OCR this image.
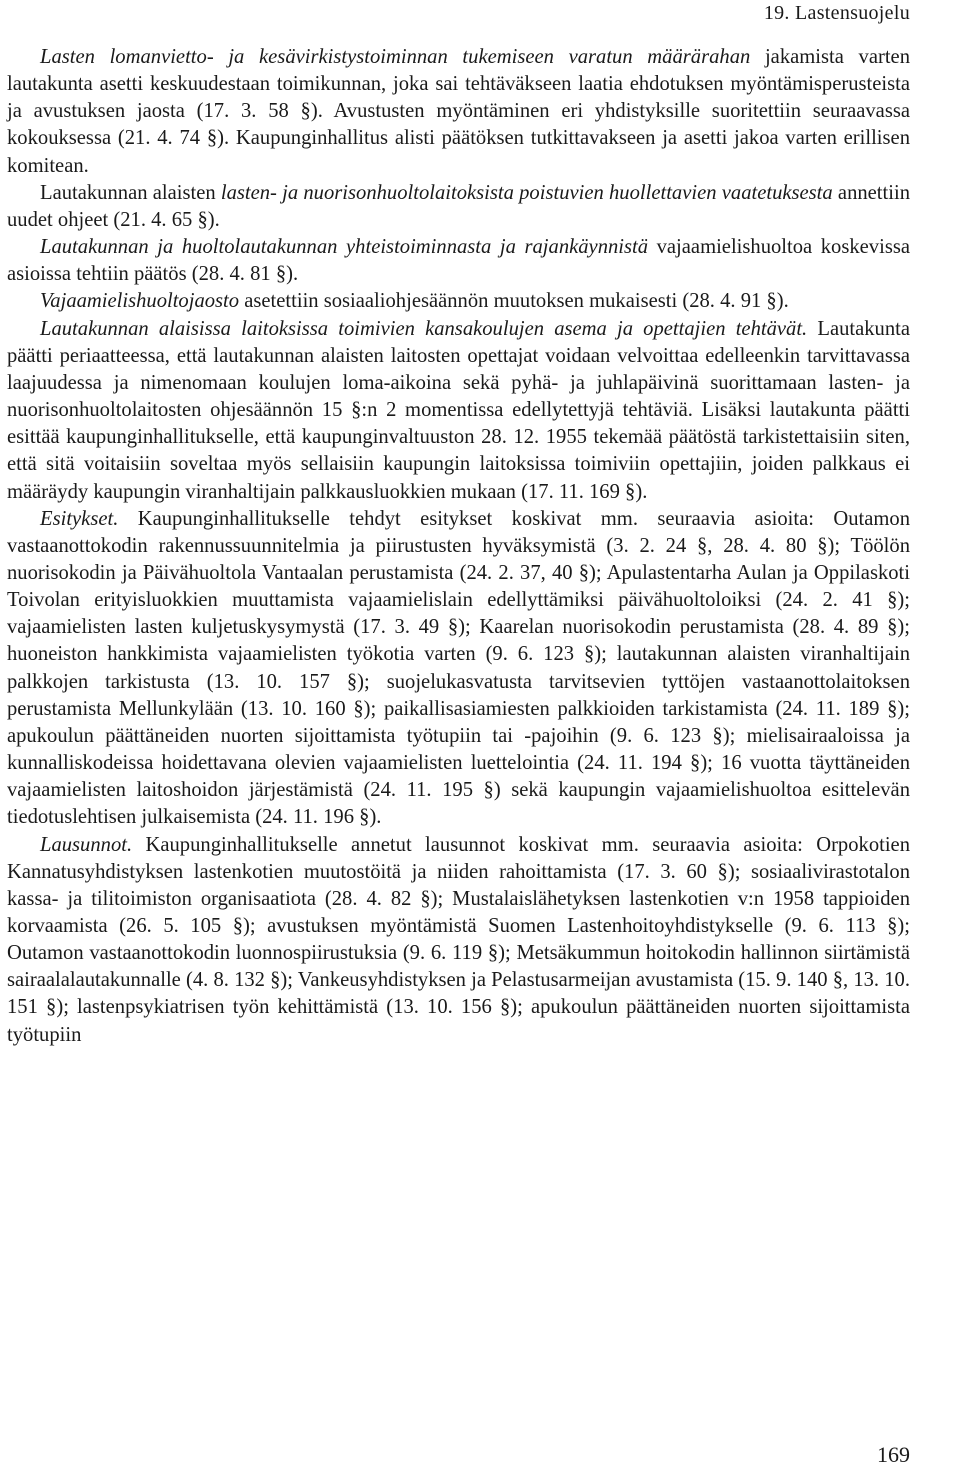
19. Lastensuojelu

Lasten lomanvietto- ja kesävirkistystoiminnan tukemiseen varatun määrärahan jakamista varten lautakunta asetti keskuudestaan toimikunnan, joka sai tehtäväkseen laatia ehdotuksen myöntämisperusteista ja avustuksen jaosta (17. 3. 58 §). Avustusten myöntäminen eri yhdistyksille suoritettiin seuraavassa kokouksessa (21. 4. 74 §). Kaupunginhallitus alisti päätöksen tutkittavakseen ja asetti jakoa varten erillisen komitean.

Lautakunnan alaisten lasten- ja nuorisonhuoltolaitoksista poistuvien huollettavien vaatetuksesta annettiin uudet ohjeet (21. 4. 65 §).

Lautakunnan ja huoltolautakunnan yhteistoiminnasta ja rajankäynnistä vajaamielishuoltoa koskevissa asioissa tehtiin päätös (28. 4. 81 §).

Vajaamielishuoltojaosto asetettiin sosiaaliohjesäännön muutoksen mukaisesti (28. 4. 91 §).

Lautakunnan alaisissa laitoksissa toimivien kansakoulujen asema ja opettajien tehtävät. Lautakunta päätti periaatteessa, että lautakunnan alaisten laitosten opettajat voidaan velvoittaa edelleenkin tarvittavassa laajuudessa ja nimenomaan koulujen loma-aikoina sekä pyhä- ja juhlapäivinä suorittamaan lasten- ja nuorisonhuoltolaitosten ohjesäännön 15 §:n 2 momentissa edellytettyjä tehtäviä. Lisäksi lautakunta päätti esittää kaupunginhallitukselle, että kaupunginvaltuuston 28. 12. 1955 tekemää päätöstä tarkistettaisiin siten, että sitä voitaisiin soveltaa myös sellaisiin kaupungin laitoksissa toimiviin opettajiin, joiden palkkaus ei määräydy kaupungin viranhaltijain palkkausluokkien mukaan (17. 11. 169 §).

Esitykset. Kaupunginhallitukselle tehdyt esitykset koskivat mm. seuraavia asioita: Outamon vastaanottokodin rakennussuunnitelmia ja piirustusten hyväksymistä (3. 2. 24 §, 28. 4. 80 §); Töölön nuorisokodin ja Päivähuoltola Vantaalan perustamista (24. 2. 37, 40 §); Apulastentarha Aulan ja Oppilaskoti Toivolan erityisluokkien muuttamista vajaamielislain edellyttämiksi päivähuoltoloiksi (24. 2. 41 §); vajaamielisten lasten kuljetuskysymystä (17. 3. 49 §); Kaarelan nuorisokodin perustamista (28. 4. 89 §); huoneiston hankkimista vajaamielisten työkotia varten (9. 6. 123 §); lautakunnan alaisten viranhaltijain palkkojen tarkistusta (13. 10. 157 §); suojelukasvatusta tarvitsevien tyttöjen vastaanottolaitoksen perustamista Mellunkylään (13. 10. 160 §); paikallisasiamiesten palkkioiden tarkistamista (24. 11. 189 §); apukoulun päättäneiden nuorten sijoittamista työtupiin tai -pajoihin (9. 6. 123 §); mielisairaaloissa ja kunnalliskodeissa hoidettavana olevien vajaamielisten luettelointia (24. 11. 194 §); 16 vuotta täyttäneiden vajaamielisten laitoshoidon järjestämistä (24. 11. 195 §) sekä kaupungin vajaamielishuoltoa esittelevän tiedotuslehtisen julkaisemista (24. 11. 196 §).

Lausunnot. Kaupunginhallitukselle annetut lausunnot koskivat mm. seuraavia asioita: Orpokotien Kannatusyhdistyksen lastenkotien muutostöitä ja niiden rahoittamista (17. 3. 60 §); sosiaalivirastotalon kassa- ja tilitoimiston organisaatiota (28. 4. 82 §); Mustalaislähetyksen lastenkotien v:n 1958 tappioiden korvaamista (26. 5. 105 §); avustuksen myöntämistä Suomen Lastenhoitoyhdistykselle (9. 6. 113 §); Outamon vastaanottokodin luonnospiirustuksia (9. 6. 119 §); Metsäkummun hoitokodin hallinnon siirtämistä sairaalalautakunnalle (4. 8. 132 §); Vankeusyhdistyksen ja Pelastusarmeijan avustamista (15. 9. 140 §, 13. 10. 151 §); lastenpsykiatrisen työn kehittämistä (13. 10. 156 §); apukoulun päättäneiden nuorten sijoittamista työtupiin

169
